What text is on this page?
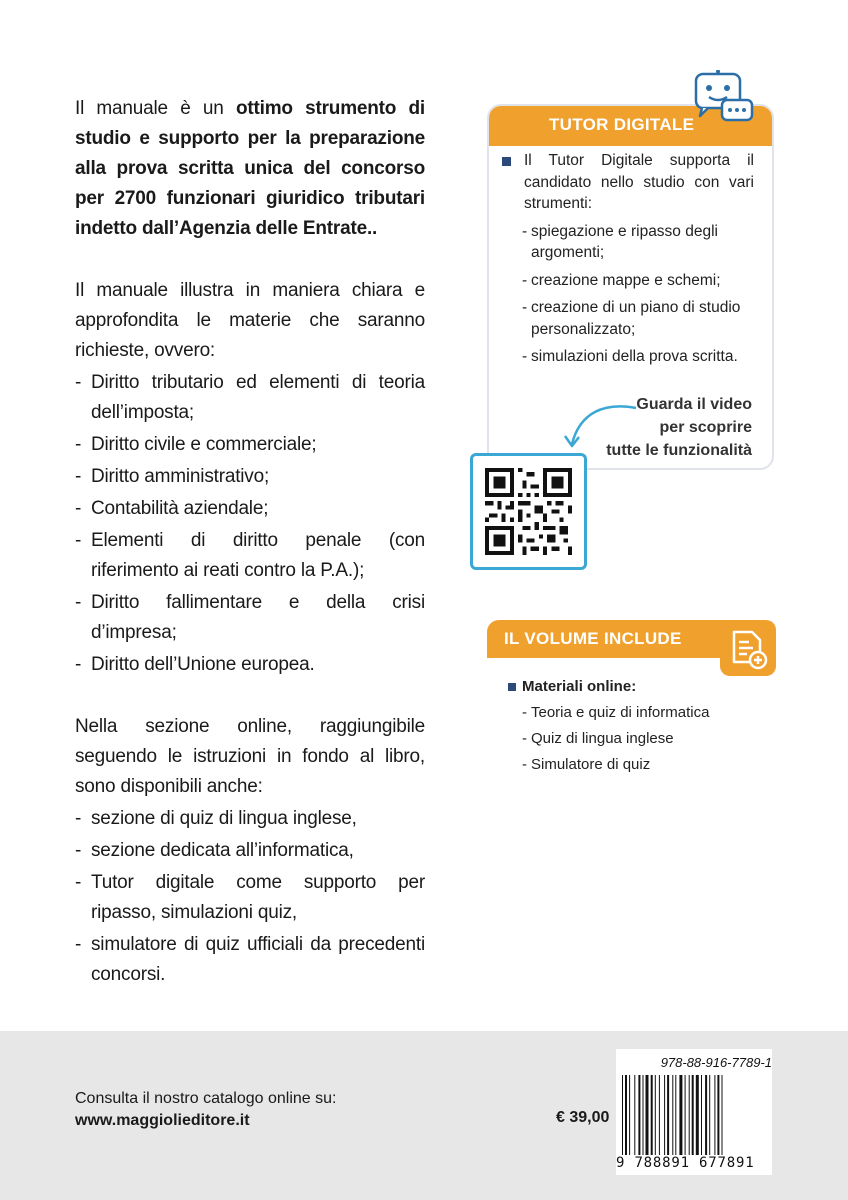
Il manuale è un ottimo strumento di studio e supporto per la preparazione alla prova scritta unica del concorso per 2700 funzionari giuridico tributari indetto dall’Agenzia delle Entrate..

Il manuale illustra in maniera chiara e approfondita le materie che saranno richieste, ovvero:

- Diritto tributario ed elementi di teoria dell’imposta;
- Diritto civile e commerciale;
- Diritto amministrativo;
- Contabilità aziendale;
- Elementi di diritto penale (con riferimento ai reati contro la P.A.);
- Diritto fallimentare e della crisi d’impresa;
- Diritto dell’Unione europea.

Nella sezione online, raggiungibile seguendo le istruzioni in fondo al libro, sono disponibili anche:

- sezione di quiz di lingua inglese,
- sezione dedicata all’informatica,
- Tutor digitale come supporto per ripasso, simulazioni quiz,
- simulatore di quiz ufficiali da precedenti concorsi.
TUTOR DIGITALE
Il Tutor Digitale supporta il candidato nello studio con vari strumenti:
- spiegazione e ripasso degli argomenti;
- creazione mappe e schemi;
- creazione di un piano di studio personalizzato;
- simulazioni della prova scritta.
Guarda il video
per scoprire
tutte le funzionalità
IL VOLUME INCLUDE
Materiali online:
- Teoria e quiz di informatica
- Quiz di lingua inglese
- Simulatore di quiz
Consulta il nostro catalogo online su:
www.maggiolieditore.it	€ 39,00
978-88-916-7789-1
9 788891 677891
